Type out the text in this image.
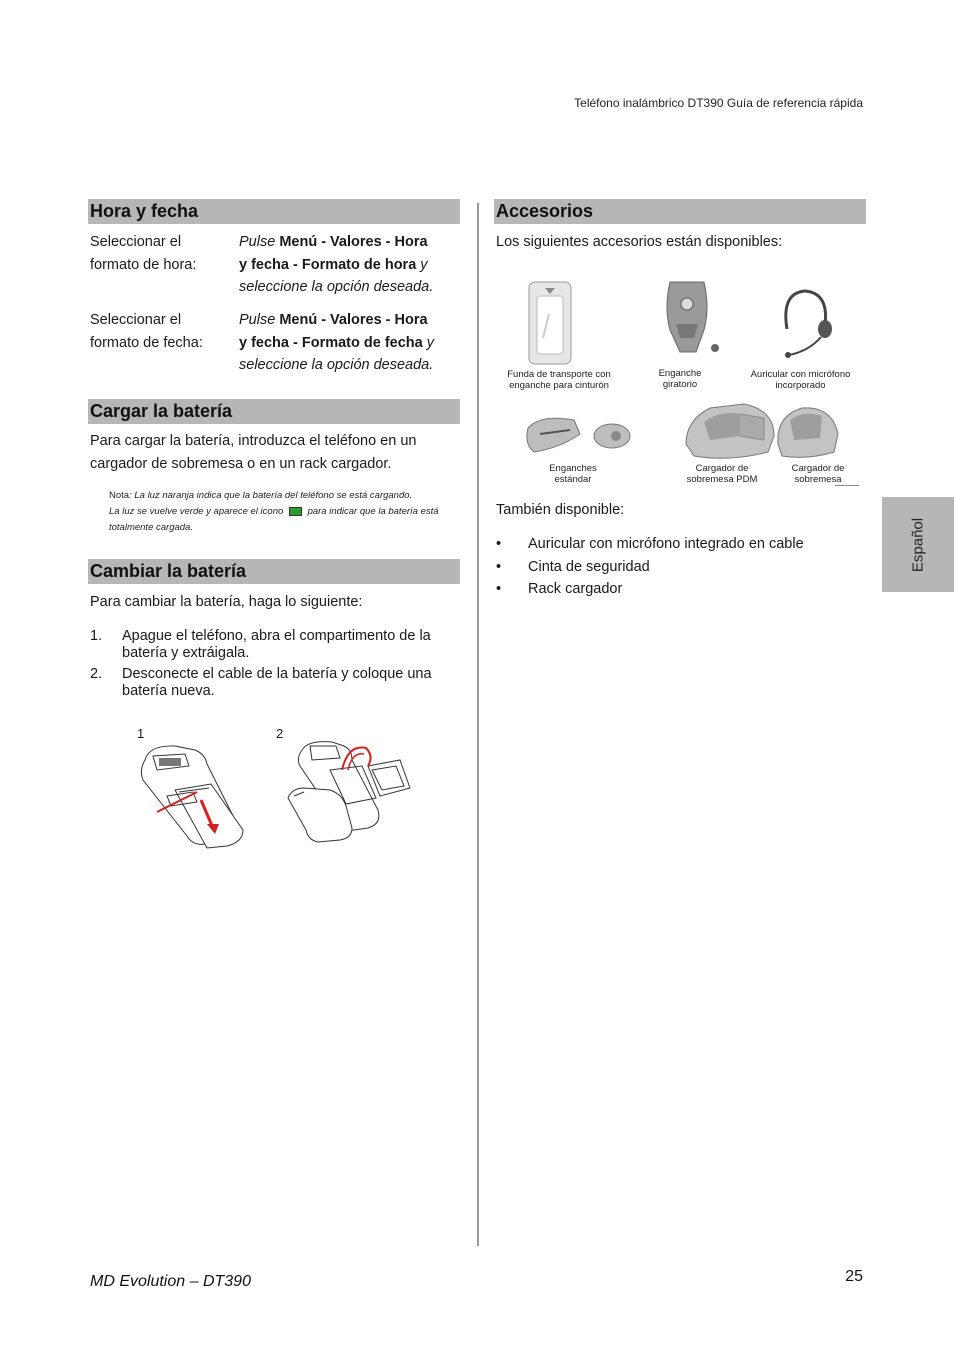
Teléfono inalámbrico DT390 Guía de referencia rápida
Hora y fecha
Seleccionar el formato de hora:
Pulse Menú - Valores - Hora
y fecha - Formato de hora y
seleccione la opción deseada.
Seleccionar el formato de fecha:
Pulse Menú - Valores - Hora
y fecha - Formato de fecha y
seleccione la opción deseada.
Cargar la batería
Para cargar la batería, introduzca el teléfono en un cargador de sobremesa o en un rack cargador.
Nota: La luz naranja indica que la batería del teléfono se está cargando.
La luz se vuelve verde y aparece el icono	para indicar que la batería está
totalmente cargada.
Cambiar la batería
Para cambiar la batería, haga lo siguiente:
1. Apague el teléfono, abra el compartimento de la batería y extráigala.
2. Desconecte el cable de la batería y coloque una batería nueva.
1	2
Accesorios
Los siguientes accesorios están disponibles:
Funda de transporte con enganche para cinturón
Enganche giratorio
Auricular con micrófono incorporado
Enganches estándar
Cargador de sobremesa PDM
Cargador de sobremesa
También disponible:
• Auricular con micrófono integrado en cable
• Cinta de seguridad
• Rack cargador
Español
MD Evolution – DT390	25
